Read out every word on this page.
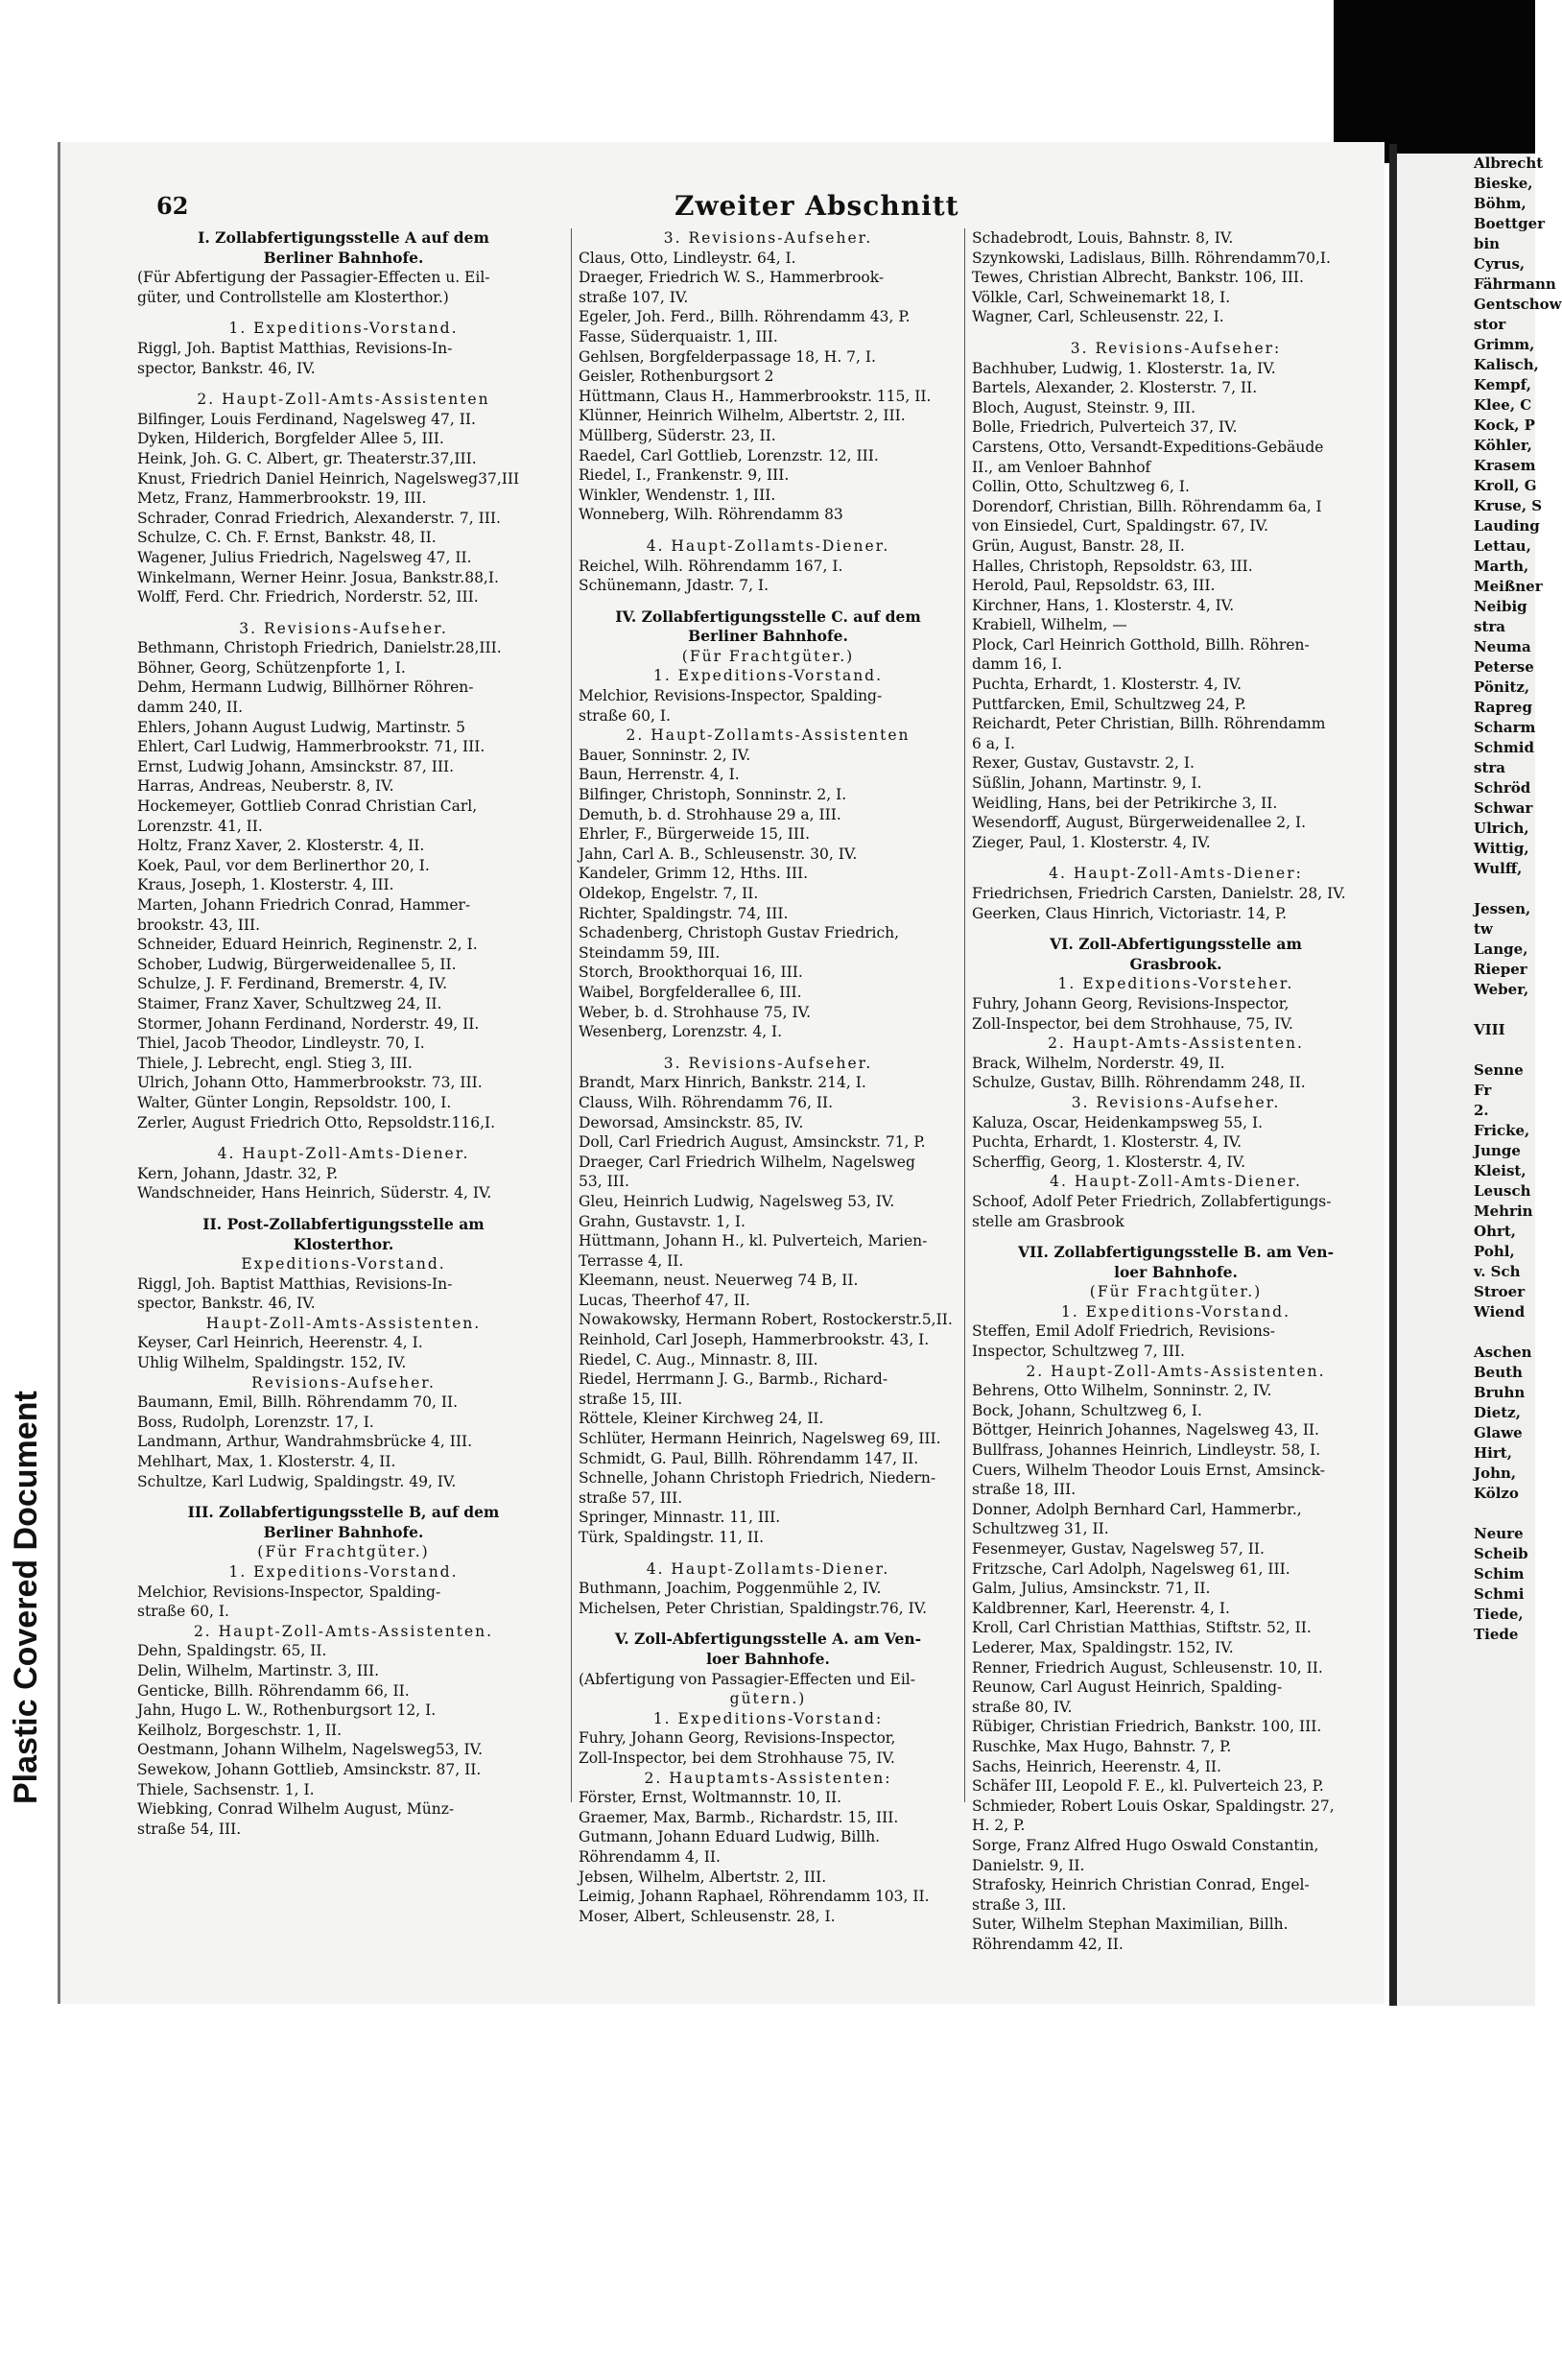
Plastic Covered Document
62	Zweiter Abschnitt
I. Zollabfertigungsstelle A auf dem
Berliner Bahnhofe.
(Für Abfertigung der Passagier-Effecten u. Eil-
güter, und Controllstelle am Klosterthor.)
1. Expeditions-Vorstand.
Riggl, Joh. Baptist Matthias, Revisions-In-
spector, Bankstr. 46, IV.
2. Haupt-Zoll-Amts-Assistenten
Bilfinger, Louis Ferdinand, Nagelsweg 47, II.
Dyken, Hilderich, Borgfelder Allee 5, III.
Heink, Joh. G. C. Albert, gr. Theaterstr.37,III.
Knust, Friedrich Daniel Heinrich, Nagelsweg37,III
Metz, Franz, Hammerbrookstr. 19, III.
Schrader, Conrad Friedrich, Alexanderstr. 7, III.
Schulze, C. Ch. F. Ernst, Bankstr. 48, II.
Wagener, Julius Friedrich, Nagelsweg 47, II.
Winkelmann, Werner Heinr. Josua, Bankstr.88,I.
Wolff, Ferd. Chr. Friedrich, Norderstr. 52, III.
3. Revisions-Aufseher.
Bethmann, Christoph Friedrich, Danielstr.28,III.
Böhner, Georg, Schützenpforte 1, I.
Dehm, Hermann Ludwig, Billhörner Röhren-
damm 240, II.
Ehlers, Johann August Ludwig, Martinstr. 5
Ehlert, Carl Ludwig, Hammerbrookstr. 71, III.
Ernst, Ludwig Johann, Amsinckstr. 87, III.
Harras, Andreas, Neuberstr. 8, IV.
Hockemeyer, Gottlieb Conrad Christian Carl,
Lorenzstr. 41, II.
Holtz, Franz Xaver, 2. Klosterstr. 4, II.
Koek, Paul, vor dem Berlinerthor 20, I.
Kraus, Joseph, 1. Klosterstr. 4, III.
Marten, Johann Friedrich Conrad, Hammer-
brookstr. 43, III.
Schneider, Eduard Heinrich, Reginenstr. 2, I.
Schober, Ludwig, Bürgerweidenallee 5, II.
Schulze, J. F. Ferdinand, Bremerstr. 4, IV.
Staimer, Franz Xaver, Schultzweg 24, II.
Stormer, Johann Ferdinand, Norderstr. 49, II.
Thiel, Jacob Theodor, Lindleystr. 70, I.
Thiele, J. Lebrecht, engl. Stieg 3, III.
Ulrich, Johann Otto, Hammerbrookstr. 73, III.
Walter, Günter Longin, Repsoldstr. 100, I.
Zerler, August Friedrich Otto, Repsoldstr.116,I.
4. Haupt-Zoll-Amts-Diener.
Kern, Johann, Jdastr. 32, P.
Wandschneider, Hans Heinrich, Süderstr. 4, IV.
II. Post-Zollabfertigungsstelle am
Klosterthor.
Expeditions-Vorstand.
Riggl, Joh. Baptist Matthias, Revisions-In-
spector, Bankstr. 46, IV.
Haupt-Zoll-Amts-Assistenten.
Keyser, Carl Heinrich, Heerenstr. 4, I.
Uhlig Wilhelm, Spaldingstr. 152, IV.
Revisions-Aufseher.
Baumann, Emil, Billh. Röhrendamm 70, II.
Boss, Rudolph, Lorenzstr. 17, I.
Landmann, Arthur, Wandrahmsbrücke 4, III.
Mehlhart, Max, 1. Klosterstr. 4, II.
Schultze, Karl Ludwig, Spaldingstr. 49, IV.
III. Zollabfertigungsstelle B, auf dem
Berliner Bahnhofe.
(Für Frachtgüter.)
1. Expeditions-Vorstand.
Melchior, Revisions-Inspector, Spalding-
straße 60, I.
2. Haupt-Zoll-Amts-Assistenten.
Dehn, Spaldingstr. 65, II.
Delin, Wilhelm, Martinstr. 3, III.
Genticke, Billh. Röhrendamm 66, II.
Jahn, Hugo L. W., Rothenburgsort 12, I.
Keilholz, Borgeschstr. 1, II.
Oestmann, Johann Wilhelm, Nagelsweg53, IV.
Sewekow, Johann Gottlieb, Amsinckstr. 87, II.
Thiele, Sachsenstr. 1, I.
Wiebking, Conrad Wilhelm August, Münz-
straße 54, III.
3. Revisions-Aufseher.
Claus, Otto, Lindleystr. 64, I.
Draeger, Friedrich W. S., Hammerbrook-
straße 107, IV.
Egeler, Joh. Ferd., Billh. Röhrendamm 43, P.
Fasse, Süderquaistr. 1, III.
Gehlsen, Borgfelderpassage 18, H. 7, I.
Geisler, Rothenburgsort 2
Hüttmann, Claus H., Hammerbrookstr. 115, II.
Klünner, Heinrich Wilhelm, Albertstr. 2, III.
Müllberg, Süderstr. 23, II.
Raedel, Carl Gottlieb, Lorenzstr. 12, III.
Riedel, I., Frankenstr. 9, III.
Winkler, Wendenstr. 1, III.
Wonneberg, Wilh. Röhrendamm 83
4. Haupt-Zollamts-Diener.
Reichel, Wilh. Röhrendamm 167, I.
Schünemann, Jdastr. 7, I.
IV. Zollabfertigungsstelle C. auf dem
Berliner Bahnhofe.
(Für Frachtgüter.)
1. Expeditions-Vorstand.
Melchior, Revisions-Inspector, Spalding-
straße 60, I.
2. Haupt-Zollamts-Assistenten
Bauer, Sonninstr. 2, IV.
Baun, Herrenstr. 4, I.
Bilfinger, Christoph, Sonninstr. 2, I.
Demuth, b. d. Strohhause 29 a, III.
Ehrler, F., Bürgerweide 15, III.
Jahn, Carl A. B., Schleusenstr. 30, IV.
Kandeler, Grimm 12, Hths. III.
Oldekop, Engelstr. 7, II.
Richter, Spaldingstr. 74, III.
Schadenberg, Christoph Gustav Friedrich,
Steindamm 59, III.
Storch, Brookthorquai 16, III.
Waibel, Borgfelderallee 6, III.
Weber, b. d. Strohhause 75, IV.
Wesenberg, Lorenzstr. 4, I.
3. Revisions-Aufseher.
Brandt, Marx Hinrich, Bankstr. 214, I.
Clauss, Wilh. Röhrendamm 76, II.
Deworsad, Amsinckstr. 85, IV.
Doll, Carl Friedrich August, Amsinckstr. 71, P.
Draeger, Carl Friedrich Wilhelm, Nagelsweg
53, III.
Gleu, Heinrich Ludwig, Nagelsweg 53, IV.
Grahn, Gustavstr. 1, I.
Hüttmann, Johann H., kl. Pulverteich, Marien-
Terrasse 4, II.
Kleemann, neust. Neuerweg 74 B, II.
Lucas, Theerhof 47, II.
Nowakowsky, Hermann Robert, Rostockerstr.5,II.
Reinhold, Carl Joseph, Hammerbrookstr. 43, I.
Riedel, C. Aug., Minnastr. 8, III.
Riedel, Herrmann J. G., Barmb., Richard-
straße 15, III.
Röttele, Kleiner Kirchweg 24, II.
Schlüter, Hermann Heinrich, Nagelsweg 69, III.
Schmidt, G. Paul, Billh. Röhrendamm 147, II.
Schnelle, Johann Christoph Friedrich, Niedern-
straße 57, III.
Springer, Minnastr. 11, III.
Türk, Spaldingstr. 11, II.
4. Haupt-Zollamts-Diener.
Buthmann, Joachim, Poggenmühle 2, IV.
Michelsen, Peter Christian, Spaldingstr.76, IV.
V. Zoll-Abfertigungsstelle A. am Ven-
loer Bahnhofe.
(Abfertigung von Passagier-Effecten und Eil-
gütern.)
1. Expeditions-Vorstand:
Fuhry, Johann Georg, Revisions-Inspector,
Zoll-Inspector, bei dem Strohhause 75, IV.
2. Hauptamts-Assistenten:
Förster, Ernst, Woltmannstr. 10, II.
Graemer, Max, Barmb., Richardstr. 15, III.
Gutmann, Johann Eduard Ludwig, Billh.
Röhrendamm 4, II.
Jebsen, Wilhelm, Albertstr. 2, III.
Leimig, Johann Raphael, Röhrendamm 103, II.
Moser, Albert, Schleusenstr. 28, I.
Schadebrodt, Louis, Bahnstr. 8, IV.
Szynkowski, Ladislaus, Billh. Röhrendamm70,I.
Tewes, Christian Albrecht, Bankstr. 106, III.
Völkle, Carl, Schweinemarkt 18, I.
Wagner, Carl, Schleusenstr. 22, I.
3. Revisions-Aufseher:
Bachhuber, Ludwig, 1. Klosterstr. 1a, IV.
Bartels, Alexander, 2. Klosterstr. 7, II.
Bloch, August, Steinstr. 9, III.
Bolle, Friedrich, Pulverteich 37, IV.
Carstens, Otto, Versandt-Expeditions-Gebäude
II., am Venloer Bahnhof
Collin, Otto, Schultzweg 6, I.
Dorendorf, Christian, Billh. Röhrendamm 6a, I
von Einsiedel, Curt, Spaldingstr. 67, IV.
Grün, August, Banstr. 28, II.
Halles, Christoph, Repsoldstr. 63, III.
Herold, Paul, Repsoldstr. 63, III.
Kirchner, Hans, 1. Klosterstr. 4, IV.
Krabiell, Wilhelm, —
Plock, Carl Heinrich Gotthold, Billh. Röhren-
damm 16, I.
Puchta, Erhardt, 1. Klosterstr. 4, IV.
Puttfarcken, Emil, Schultzweg 24, P.
Reichardt, Peter Christian, Billh. Röhrendamm
6 a, I.
Rexer, Gustav, Gustavstr. 2, I.
Süßlin, Johann, Martinstr. 9, I.
Weidling, Hans, bei der Petrikirche 3, II.
Wesendorff, August, Bürgerweidenallee 2, I.
Zieger, Paul, 1. Klosterstr. 4, IV.
4. Haupt-Zoll-Amts-Diener:
Friedrichsen, Friedrich Carsten, Danielstr. 28, IV.
Geerken, Claus Hinrich, Victoriastr. 14, P.
VI. Zoll-Abfertigungsstelle am
Grasbrook.
1. Expeditions-Vorsteher.
Fuhry, Johann Georg, Revisions-Inspector,
Zoll-Inspector, bei dem Strohhause, 75, IV.
2. Haupt-Amts-Assistenten.
Brack, Wilhelm, Norderstr. 49, II.
Schulze, Gustav, Billh. Röhrendamm 248, II.
3. Revisions-Aufseher.
Kaluza, Oscar, Heidenkampsweg 55, I.
Puchta, Erhardt, 1. Klosterstr. 4, IV.
Scherffig, Georg, 1. Klosterstr. 4, IV.
4. Haupt-Zoll-Amts-Diener.
Schoof, Adolf Peter Friedrich, Zollabfertigungs-
stelle am Grasbrook
VII. Zollabfertigungsstelle B. am Ven-
loer Bahnhofe.
(Für Frachtgüter.)
1. Expeditions-Vorstand.
Steffen, Emil Adolf Friedrich, Revisions-
Inspector, Schultzweg 7, III.
2. Haupt-Zoll-Amts-Assistenten.
Behrens, Otto Wilhelm, Sonninstr. 2, IV.
Bock, Johann, Schultzweg 6, I.
Böttger, Heinrich Johannes, Nagelsweg 43, II.
Bullfrass, Johannes Heinrich, Lindleystr. 58, I.
Cuers, Wilhelm Theodor Louis Ernst, Amsinck-
straße 18, III.
Donner, Adolph Bernhard Carl, Hammerbr.,
Schultzweg 31, II.
Fesenmeyer, Gustav, Nagelsweg 57, II.
Fritzsche, Carl Adolph, Nagelsweg 61, III.
Galm, Julius, Amsinckstr. 71, II.
Kaldbrenner, Karl, Heerenstr. 4, I.
Kroll, Carl Christian Matthias, Stiftstr. 52, II.
Lederer, Max, Spaldingstr. 152, IV.
Renner, Friedrich August, Schleusenstr. 10, II.
Reunow, Carl August Heinrich, Spalding-
straße 80, IV.
Rübiger, Christian Friedrich, Bankstr. 100, III.
Ruschke, Max Hugo, Bahnstr. 7, P.
Sachs, Heinrich, Heerenstr. 4, II.
Schäfer III, Leopold F. E., kl. Pulverteich 23, P.
Schmieder, Robert Louis Oskar, Spaldingstr. 27,
H. 2, P.
Sorge, Franz Alfred Hugo Oswald Constantin,
Danielstr. 9, II.
Strafosky, Heinrich Christian Conrad, Engel-
straße 3, III.
Suter, Wilhelm Stephan Maximilian, Billh.
Röhrendamm 42, II.
Albrecht
Bieske,
Böhm,
Boettger
bin
Cyrus,
Fährmann
Gentschow
stor
Grimm,
Kalisch,
Kempf,
Klee, C
Kock, P
Köhler,
Krasem
Kroll, G
Kruse, S
Lauding
Lettau,
Marth,
Meißner
Neibig
stra
Neuma
Peterse
Pönitz,
Rapreg
Scharm
Schmid
stra
Schröd
Schwar
Ulrich,
Wittig,
Wulff,

Jessen,
tw
Lange,
Rieper
Weber,

VIII

Senne
Fr
2.
Fricke,
Junge
Kleist,
Leusch
Mehrin
Ohrt,
Pohl,
v. Sch
Stroer
Wiend

Aschen
Beuth
Bruhn
Dietz,
Glawe
Hirt,
John,
Kölzo

Neure
Scheib
Schim
Schmi
Tiede,
Tiede
